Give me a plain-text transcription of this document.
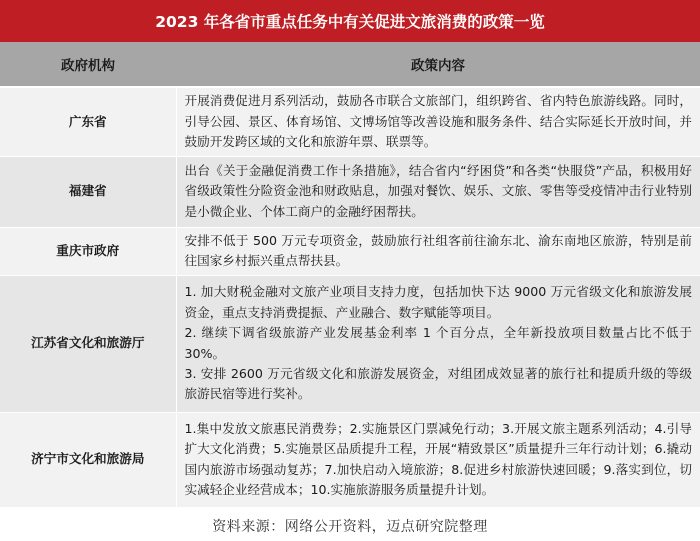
2023 年各省市重点任务中有关促进文旅消费的政策一览
政府机构	政策内容
广东省	开展消费促进月系列活动，鼓励各市联合文旅部门，组织跨省、省内特色旅游线路。同时，引导公园、景区、体育场馆、文博场馆等改善设施和服务条件、结合实际延长开放时间，并鼓励开发跨区域的文化和旅游年票、联票等。

福建省	出台《关于金融促消费工作十条措施》，结合省内“纾困贷”和各类“快服贷”产品，积极用好省级政策性分险资金池和财政贴息，加强对餐饮、娱乐、文旅、零售等受疫情冲击行业特别是小微企业、个体工商户的金融纾困帮扶。

重庆市政府	安排不低于 500 万元专项资金，鼓励旅行社组客前往渝东北、渝东南地区旅游，特别是前往国家乡村振兴重点帮扶县。

江苏省文化和旅游厅	1. 加大财税金融对文旅产业项目支持力度，包括加快下达 9000 万元省级文化和旅游发展资金，重点支持消费提振、产业融合、数字赋能等项目。
2. 继续下调省级旅游产业发展基金利率 1 个百分点，全年新投放项目数量占比不低于 30%。
3. 安排 2600 万元省级文化和旅游发展资金，对组团成效显著的旅行社和提质升级的等级旅游民宿等进行奖补。

济宁市文化和旅游局	1.集中发放文旅惠民消费券；2.实施景区门票减免行动；3.开展文旅主题系列活动；4.引导扩大文化消费；5.实施景区品质提升工程，开展“精致景区”质量提升三年行动计划；6.撬动国内旅游市场强动复苏；7.加快启动入境旅游；8.促进乡村旅游快速回暖；9.落实到位，切实减轻企业经营成本；10.实施旅游服务质量提升计划。
资料来源：网络公开资料，迈点研究院整理
